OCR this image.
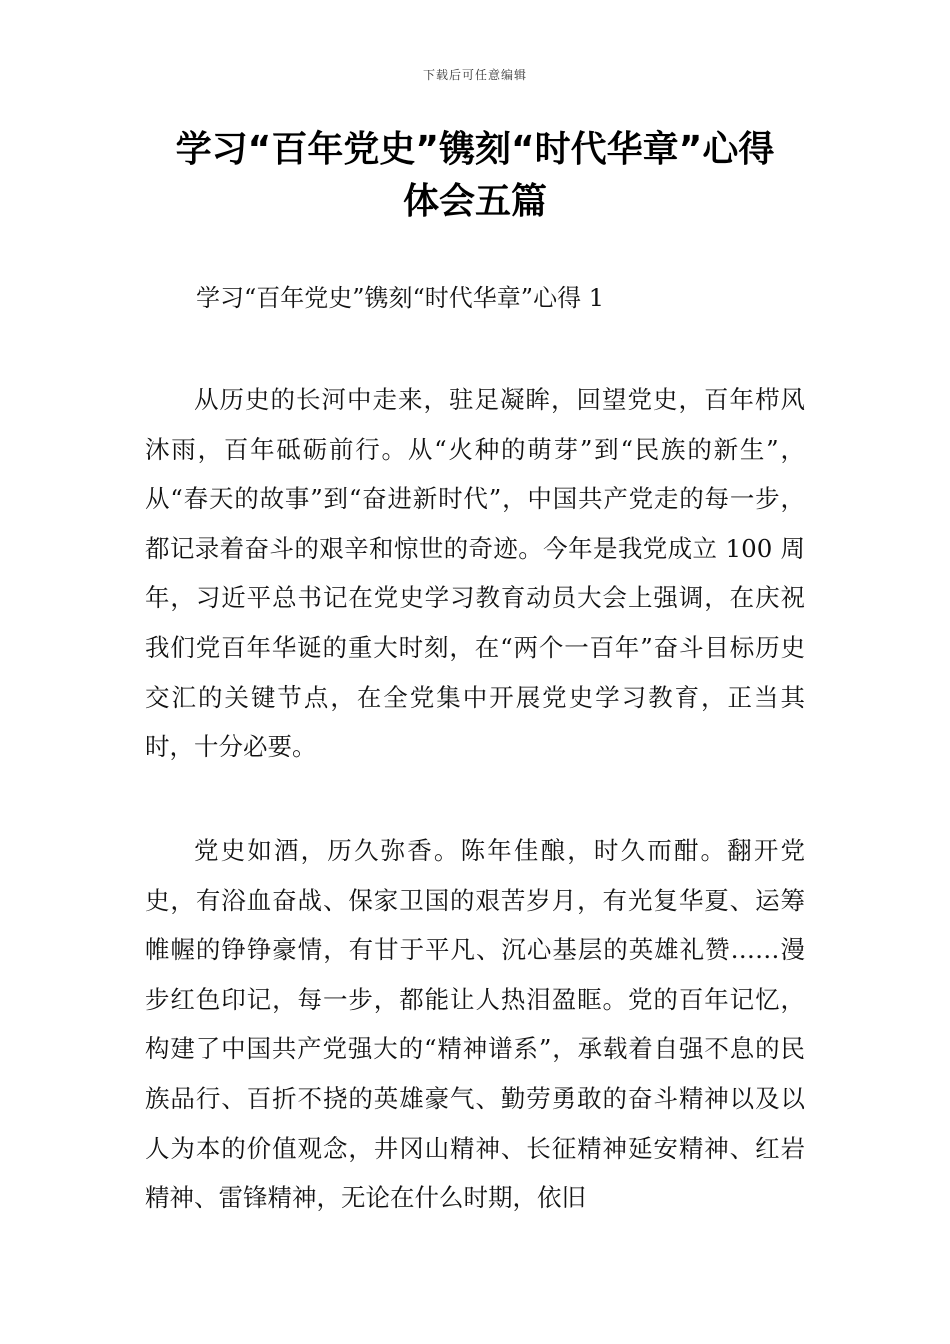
下载后可任意编辑
学习“百年党史”镌刻“时代华章”心得
体会五篇
学习“百年党史”镌刻“时代华章”心得 1

从历史的长河中走来，驻足凝眸，回望党史，百年栉风沐雨，百年砥砺前行。从“火种的萌芽”到“民族的新生”，从“春天的故事”到“奋进新时代”，中国共产党走的每一步，都记录着奋斗的艰辛和惊世的奇迹。今年是我党成立 100 周年，习近平总书记在党史学习教育动员大会上强调，在庆祝我们党百年华诞的重大时刻，在“两个一百年”奋斗目标历史交汇的关键节点，在全党集中开展党史学习教育，正当其时，十分必要。

党史如酒，历久弥香。陈年佳酿，时久而酣。翻开党史，有浴血奋战、保家卫国的艰苦岁月，有光复华夏、运筹帷幄的铮铮豪情，有甘于平凡、沉心基层的英雄礼赞……漫步红色印记，每一步，都能让人热泪盈眶。党的百年记忆，构建了中国共产党强大的“精神谱系”，承载着自强不息的民族品行、百折不挠的英雄豪气、勤劳勇敢的奋斗精神以及以人为本的价值观念，井冈山精神、长征精神延安精神、红岩精神、雷锋精神，无论在什么时期，依旧
